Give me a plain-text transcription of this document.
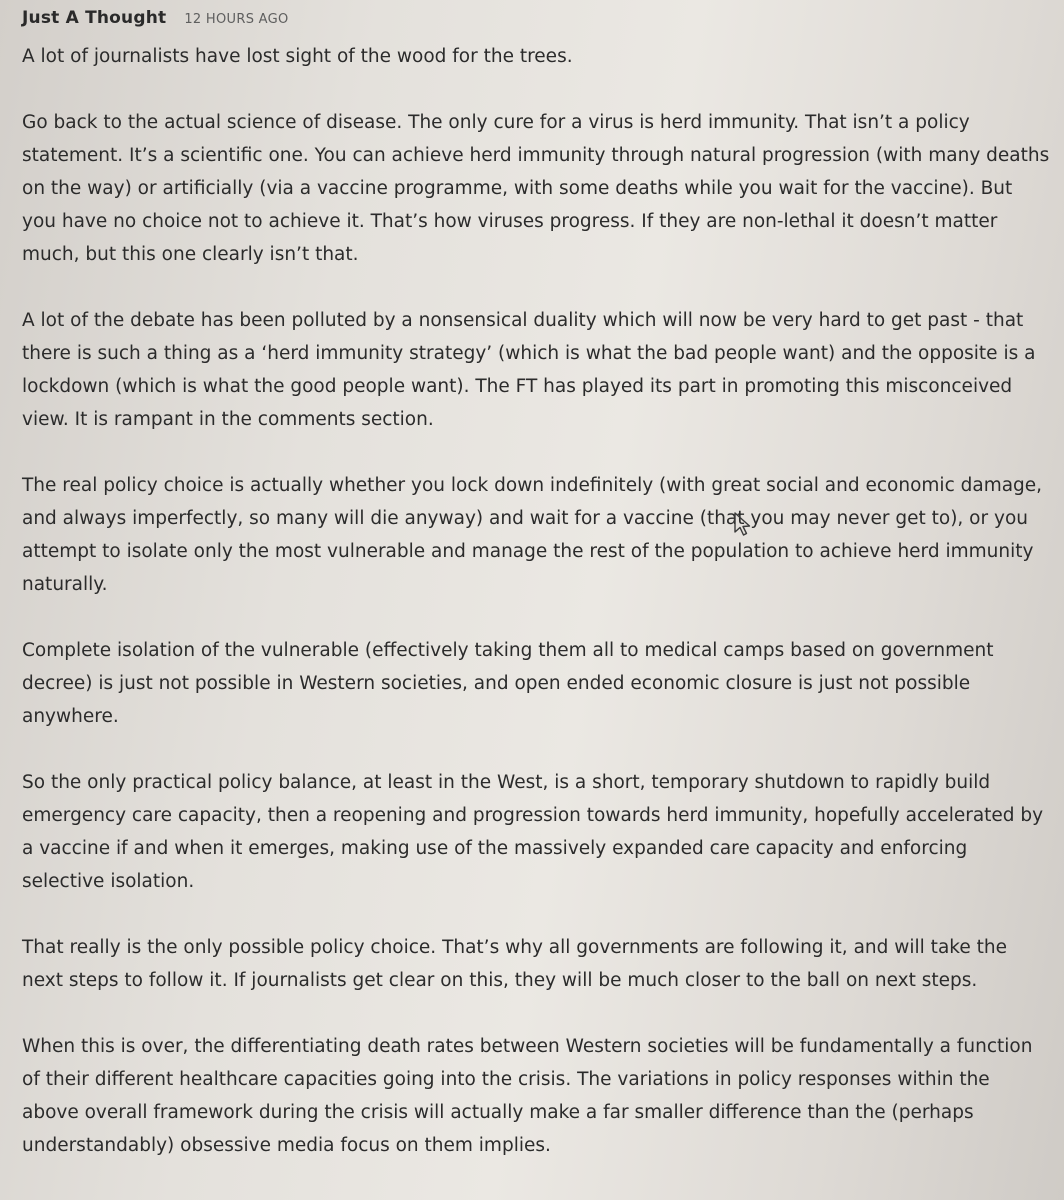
Just A Thought 12 HOURS AGO

A lot of journalists have lost sight of the wood for the trees.

Go back to the actual science of disease. The only cure for a virus is herd immunity. That isn’t a policy statement. It’s a scientific one. You can achieve herd immunity through natural progression (with many deaths on the way) or artificially (via a vaccine programme, with some deaths while you wait for the vaccine). But you have no choice not to achieve it. That’s how viruses progress. If they are non-lethal it doesn’t matter much, but this one clearly isn’t that.

A lot of the debate has been polluted by a nonsensical duality which will now be very hard to get past - that there is such a thing as a ‘herd immunity strategy’ (which is what the bad people want) and the opposite is a lockdown (which is what the good people want). The FT has played its part in promoting this misconceived view. It is rampant in the comments section.

The real policy choice is actually whether you lock down indefinitely (with great social and economic damage, and always imperfectly, so many will die anyway) and wait for a vaccine (that you may never get to), or you attempt to isolate only the most vulnerable and manage the rest of the population to achieve herd immunity naturally.

Complete isolation of the vulnerable (effectively taking them all to medical camps based on government decree) is just not possible in Western societies, and open ended economic closure is just not possible anywhere.

So the only practical policy balance, at least in the West, is a short, temporary shutdown to rapidly build emergency care capacity, then a reopening and progression towards herd immunity, hopefully accelerated by a vaccine if and when it emerges, making use of the massively expanded care capacity and enforcing selective isolation.

That really is the only possible policy choice. That’s why all governments are following it, and will take the next steps to follow it. If journalists get clear on this, they will be much closer to the ball on next steps.

When this is over, the differentiating death rates between Western societies will be fundamentally a function of their different healthcare capacities going into the crisis. The variations in policy responses within the above overall framework during the crisis will actually make a far smaller difference than the (perhaps understandably) obsessive media focus on them implies.
